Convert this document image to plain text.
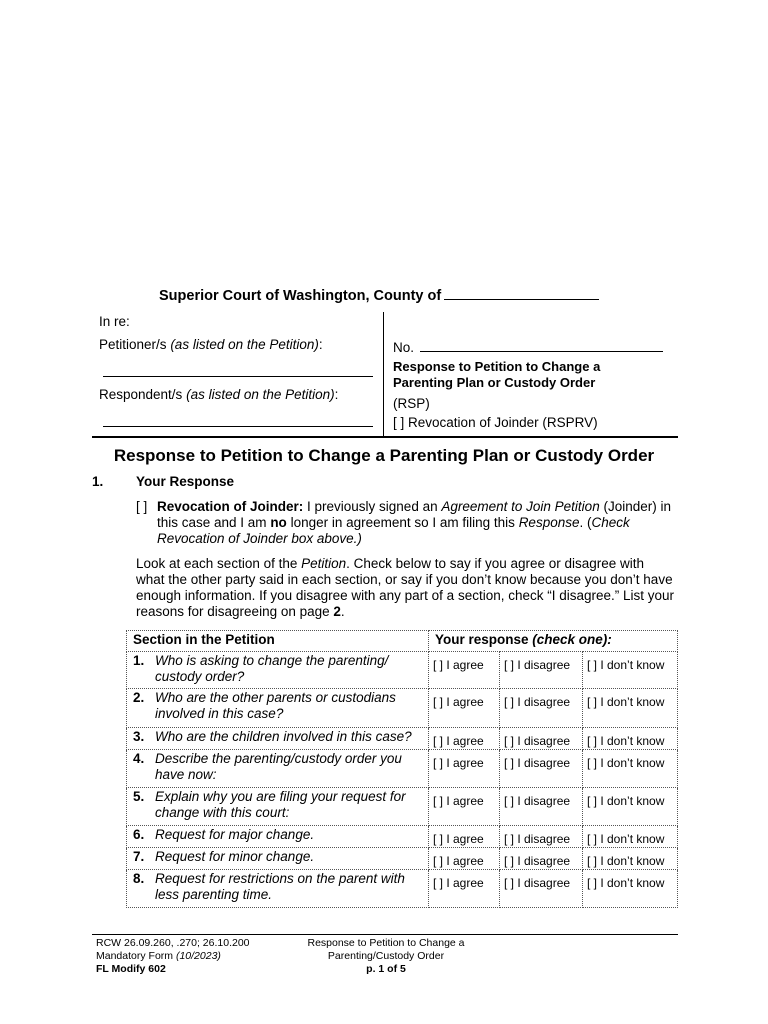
Superior Court of Washington, County of
In re:
Petitioner/s (as listed on the Petition):
Respondent/s (as listed on the Petition):
No.
Response to Petition to Change a
Parenting Plan or Custody Order
(RSP)
[ ] Revocation of Joinder (RSPRV)
Response to Petition to Change a Parenting Plan or Custody Order
1. Your Response
[ ] Revocation of Joinder: I previously signed an Agreement to Join Petition (Joinder) in this case and I am no longer in agreement so I am filing this Response. (Check Revocation of Joinder box above.)
Look at each section of the Petition. Check below to say if you agree or disagree with what the other party said in each section, or say if you don’t know because you don’t have enough information. If you disagree with any part of a section, check “I disagree.” List your reasons for disagreeing on page 2.
Section in the Petition	Your response (check one):		
1. Who is asking to change the parenting/ custody order?	[ ] I agree	[ ] I disagree	[ ] I don’t know
2. Who are the other parents or custodians involved in this case?	[ ] I agree	[ ] I disagree	[ ] I don’t know
3. Who are the children involved in this case?	[ ] I agree	[ ] I disagree	[ ] I don’t know
4. Describe the parenting/custody order you have now:	[ ] I agree	[ ] I disagree	[ ] I don’t know
5. Explain why you are filing your request for change with this court:	[ ] I agree	[ ] I disagree	[ ] I don’t know
6. Request for major change.	[ ] I agree	[ ] I disagree	[ ] I don’t know
7. Request for minor change.	[ ] I agree	[ ] I disagree	[ ] I don’t know
8. Request for restrictions on the parent with less parenting time.	[ ] I agree	[ ] I disagree	[ ] I don’t know
RCW 26.09.260, .270; 26.10.200
Mandatory Form (10/2023)
FL Modify 602
Response to Petition to Change a
Parenting/Custody Order
p. 1 of 5
